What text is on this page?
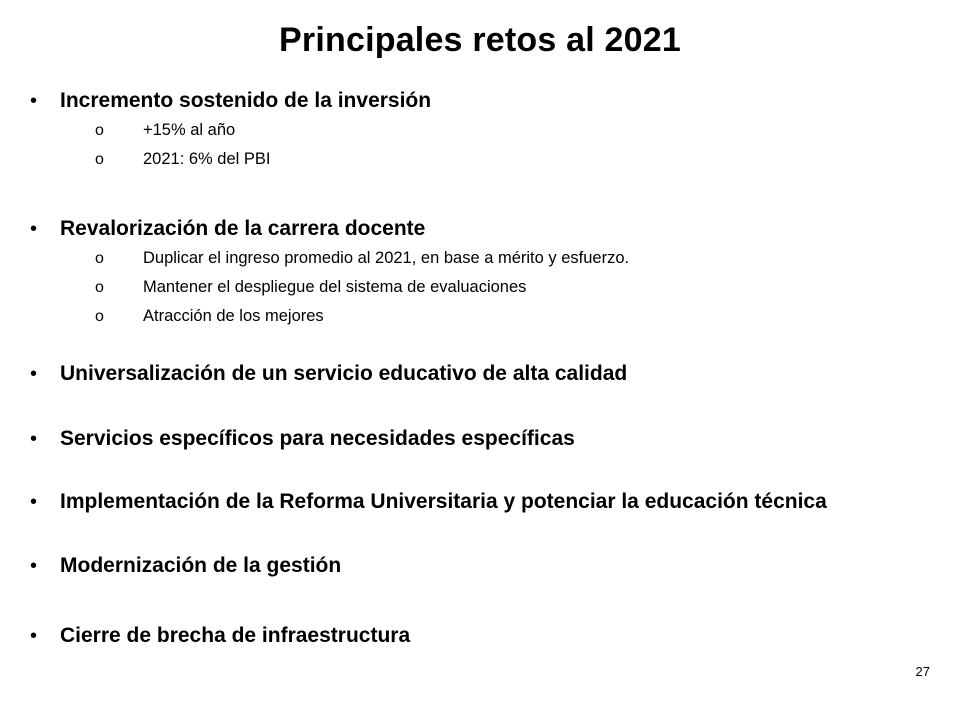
Principales retos al 2021
•	Incremento sostenido de la inversión
o	+15% al año
o	2021: 6% del PBI
•	Revalorización de la carrera docente
o	Duplicar el ingreso promedio al 2021, en base a mérito y esfuerzo.
o	Mantener el despliegue del sistema de evaluaciones
o	Atracción de los mejores
•	Universalización de un servicio educativo de alta calidad
•	Servicios específicos para necesidades específicas
•	Implementación de la Reforma Universitaria y potenciar la educación técnica
•	Modernización de la gestión
•	Cierre de brecha de infraestructura
27
